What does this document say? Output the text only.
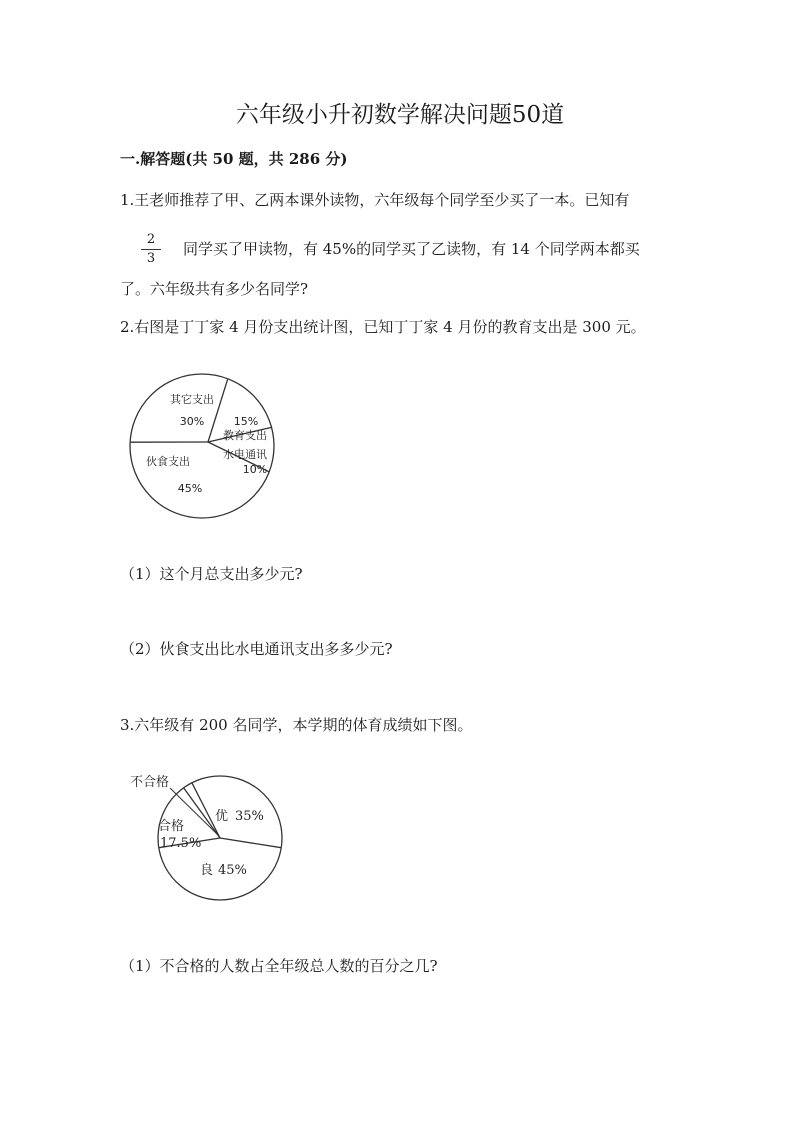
六年级小升初数学解决问题50道
一.解答题(共 50 题，共 286 分)
1.王老师推荐了甲、乙两本课外读物，六年级每个同学至少买了一本。已知有
2
3
同学买了甲读物，有 45%的同学买了乙读物，有 14 个同学两本都买
了。六年级共有多少名同学?
2.右图是丁丁家 4 月份支出统计图，已知丁丁家 4 月份的教育支出是 300 元。
其它支出
30%	15%
教育支出
水电通讯
10%
伙食支出
45%
（1）这个月总支出多少元?
（2）伙食支出比水电通讯支出多多少元?
3.六年级有 200 名同学，本学期的体育成绩如下图。
不合格
优 35%
合格
17.5%
良 45%
（1）不合格的人数占全年级总人数的百分之几?
